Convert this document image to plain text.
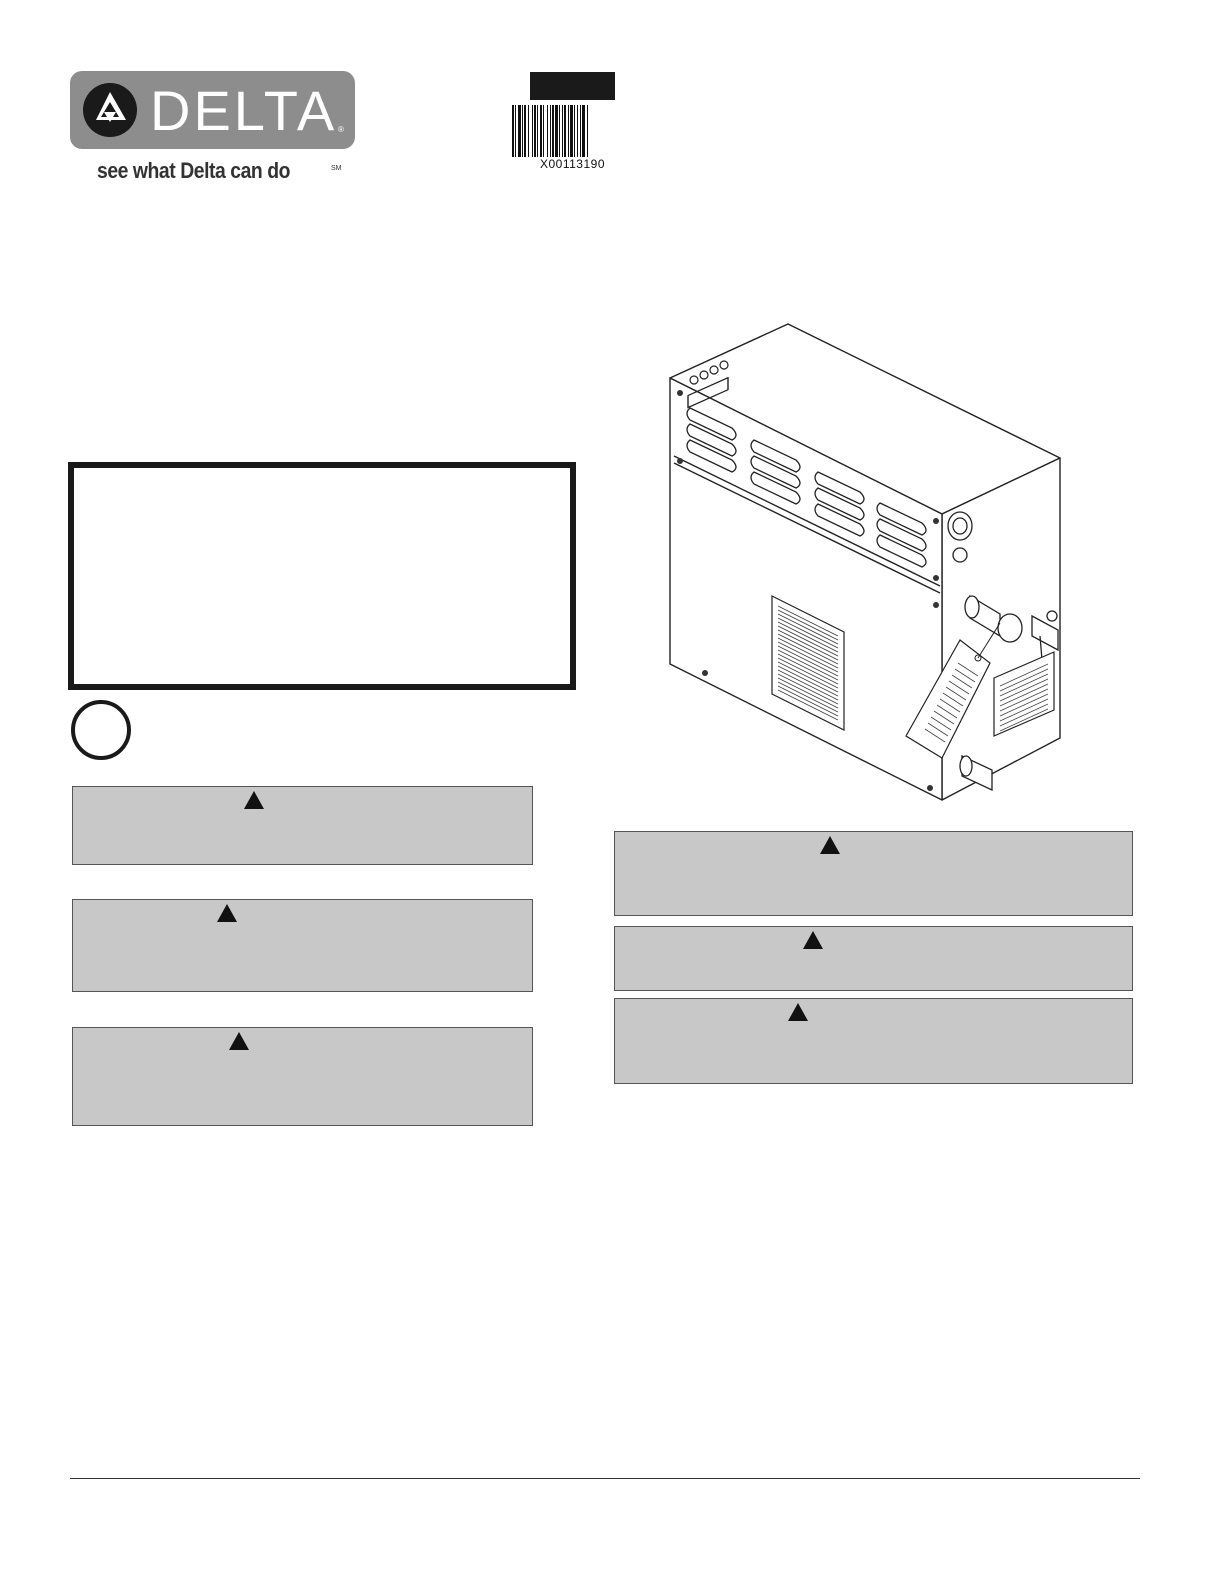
DELTA ®
see what Delta can do	SM	X00113190
